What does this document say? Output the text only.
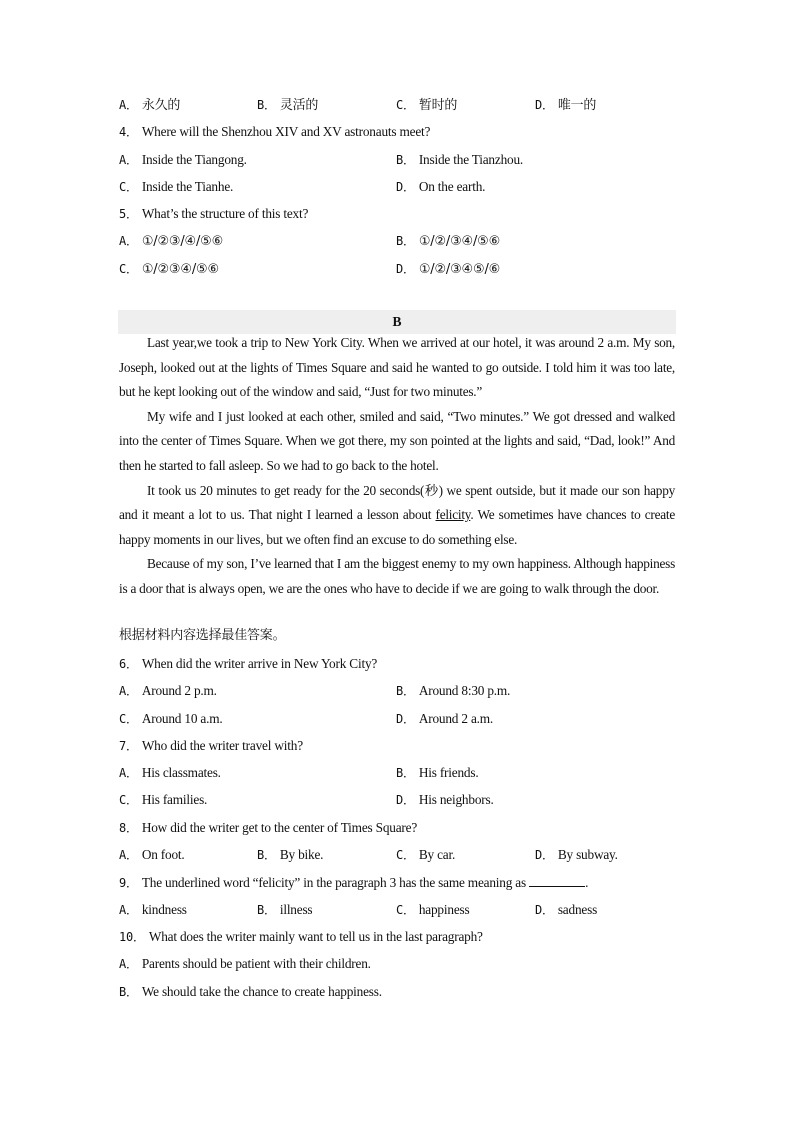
A． 永久的	B． 灵活的	C． 暂时的	D． 唯一的
4． Where will the Shenzhou XIV and XV astronauts meet?
A． Inside the Tiangong.	B． Inside the Tianzhou.
C． Inside the Tianhe.	D． On the earth.
5． What’s the structure of this text?
A． ①/②③/④/⑤⑥	B． ①/②/③④/⑤⑥
C． ①/②③④/⑤⑥	D． ①/②/③④⑤/⑥
B

Last year,we took a trip to New York City. When we arrived at our hotel, it was around 2 a.m. My son, Joseph, looked out at the lights of Times Square and said he wanted to go outside. I told him it was too late, but he kept looking out of the window and said, “Just for two minutes.”

My wife and I just looked at each other, smiled and said, “Two minutes.” We got dressed and walked into the center of Times Square. When we got there, my son pointed at the lights and said, “Dad, look!” And then he started to fall asleep. So we had to go back to the hotel.

It took us 20 minutes to get ready for the 20 seconds(秒) we spent outside, but it made our son happy and it meant a lot to us. That night I learned a lesson about felicity. We sometimes have chances to create happy moments in our lives, but we often find an excuse to do something else.

Because of my son, I’ve learned that I am the biggest enemy to my own happiness. Although happiness is a door that is always open, we are the ones who have to decide if we are going to walk through the door.

根据材料内容选择最佳答案。
6． When did the writer arrive in New York City?
A． Around 2 p.m.	B． Around 8:30 p.m.
C． Around 10 a.m.	D． Around 2 a.m.
7． Who did the writer travel with?
A． His classmates.	B． His friends.
C． His families.	D． His neighbors.
8． How did the writer get to the center of Times Square?
A． On foot.	B． By bike.	C． By car.	D． By subway.
9． The underlined word “felicity” in the paragraph 3 has the same meaning as	.
A． kindness	B． illness	C． happiness	D． sadness
10． What does the writer mainly want to tell us in the last paragraph?
A． Parents should be patient with their children.
B． We should take the chance to create happiness.
